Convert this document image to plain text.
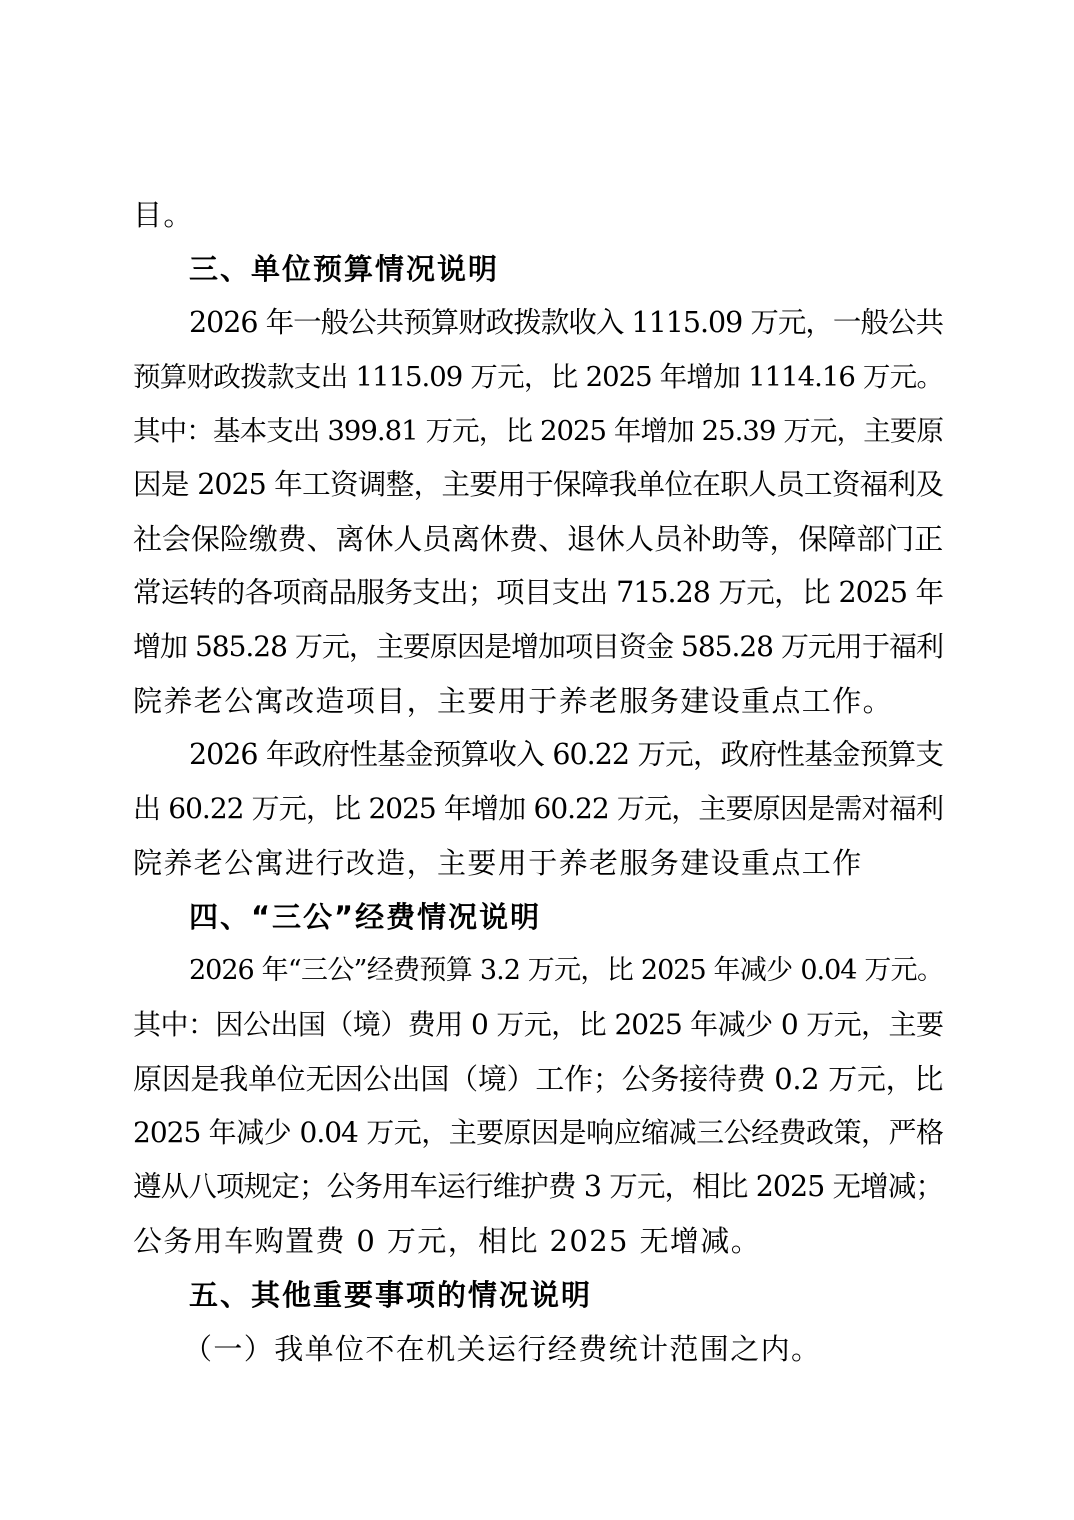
目。
三、单位预算情况说明
2026 年一般公共预算财政拨款收入 1115.09 万元，一般公共
预算财政拨款支出 1115.09 万元，比 2025 年增加 1114.16 万元。
其中：基本支出 399.81 万元，比 2025 年增加 25.39 万元，主要原
因是 2025 年工资调整，主要用于保障我单位在职人员工资福利及
社会保险缴费、离休人员离休费、退休人员补助等，保障部门正
常运转的各项商品服务支出；项目支出 715.28 万元，比 2025 年
增加 585.28 万元，主要原因是增加项目资金 585.28 万元用于福利
院养老公寓改造项目，主要用于养老服务建设重点工作。
2026 年政府性基金预算收入 60.22 万元，政府性基金预算支
出 60.22 万元，比 2025 年增加 60.22 万元，主要原因是需对福利
院养老公寓进行改造，主要用于养老服务建设重点工作
四、“三公”经费情况说明
2026 年“三公”经费预算 3.2 万元，比 2025 年减少 0.04 万元。
其中：因公出国（境）费用 0 万元，比 2025 年减少 0 万元，主要
原因是我单位无因公出国（境）工作；公务接待费 0.2 万元，比
2025 年减少 0.04 万元，主要原因是响应缩减三公经费政策，严格
遵从八项规定；公务用车运行维护费 3 万元，相比 2025 无增减；
公务用车购置费 0 万元，相比 2025 无增减。
五、其他重要事项的情况说明
（一）我单位不在机关运行经费统计范围之内。
